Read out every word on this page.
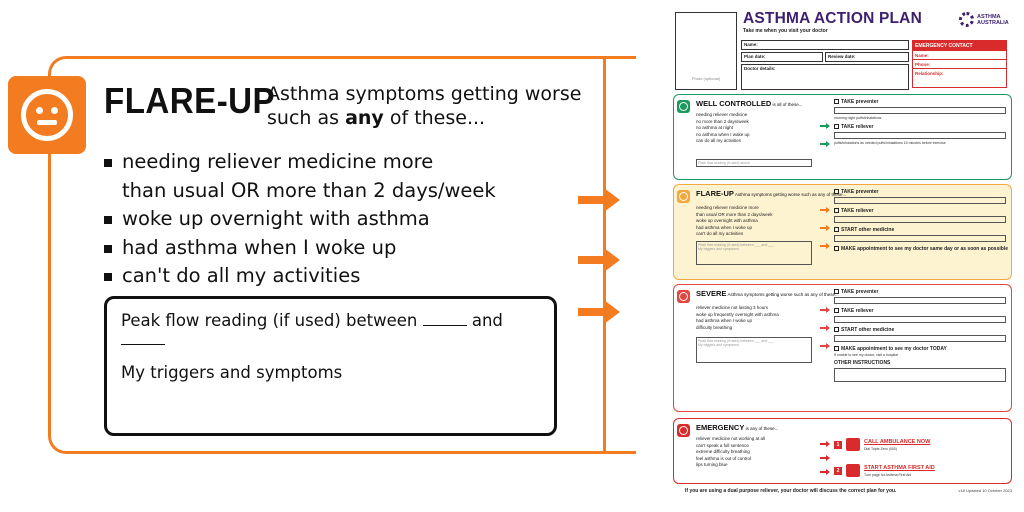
FLARE-UP
Asthma symptoms getting worse such as any of these...
needing reliever medicine more
than usual OR more than 2 days/week
woke up overnight with asthma
had asthma when I woke up
can't do all my activities
Peak flow reading (if used) between	and
My triggers and symptoms
Photo (optional)
ASTHMA ACTION PLAN
Take me when you visit your doctor
ASTHMA
AUSTRALIA
Name:
Plan date:	Review date:
Doctor details:
EMERGENCY CONTACT
Name:
Phone:
Relationship:
WELL CONTROLLED is all of these...
needing reliever medicine
no more than 2 days/week
no asthma at night
no asthma when I wake up
can do all my activities
Peak flow reading (if used) above
TAKE preventer
morning night puffs/inhalations
TAKE reliever
puffs/inhalations as needed puffs/inhalations 15 minutes before exercise
FLARE-UP Asthma symptoms getting worse such as any of these...
needing reliever medicine more
than usual OR more than 2 days/week
woke up overnight with asthma
had asthma when I woke up
can't do all my activities
Peak flow reading (if used) between ___ and ___
My triggers and symptoms
TAKE preventer
TAKE reliever
START other medicine
MAKE appointment to see my doctor same day or as soon as possible
SEVERE Asthma symptoms getting worse such as any of these...
reliever medicine not lasting 3 hours
woke up frequently overnight with asthma
had asthma when I woke up
difficulty breathing
Peak flow reading (if used) between ___ and ___
My triggers and symptoms
TAKE preventer
TAKE reliever
START other medicine
MAKE appointment to see my doctor TODAY
If unable to see my doctor, visit a hospital
OTHER INSTRUCTIONS
EMERGENCY is any of these...
reliever medicine not working at all
can't speak a full sentence
extreme difficulty breathing
feel asthma is out of control
lips turning blue
1	CALL AMBULANCE NOW
Dial Triple Zero (000)
2	START ASTHMA FIRST AID
Turn page for Asthma First Aid
If you are using a dual purpose reliever, your doctor will discuss the correct plan for you.	v18 Updated 10 October 2023
